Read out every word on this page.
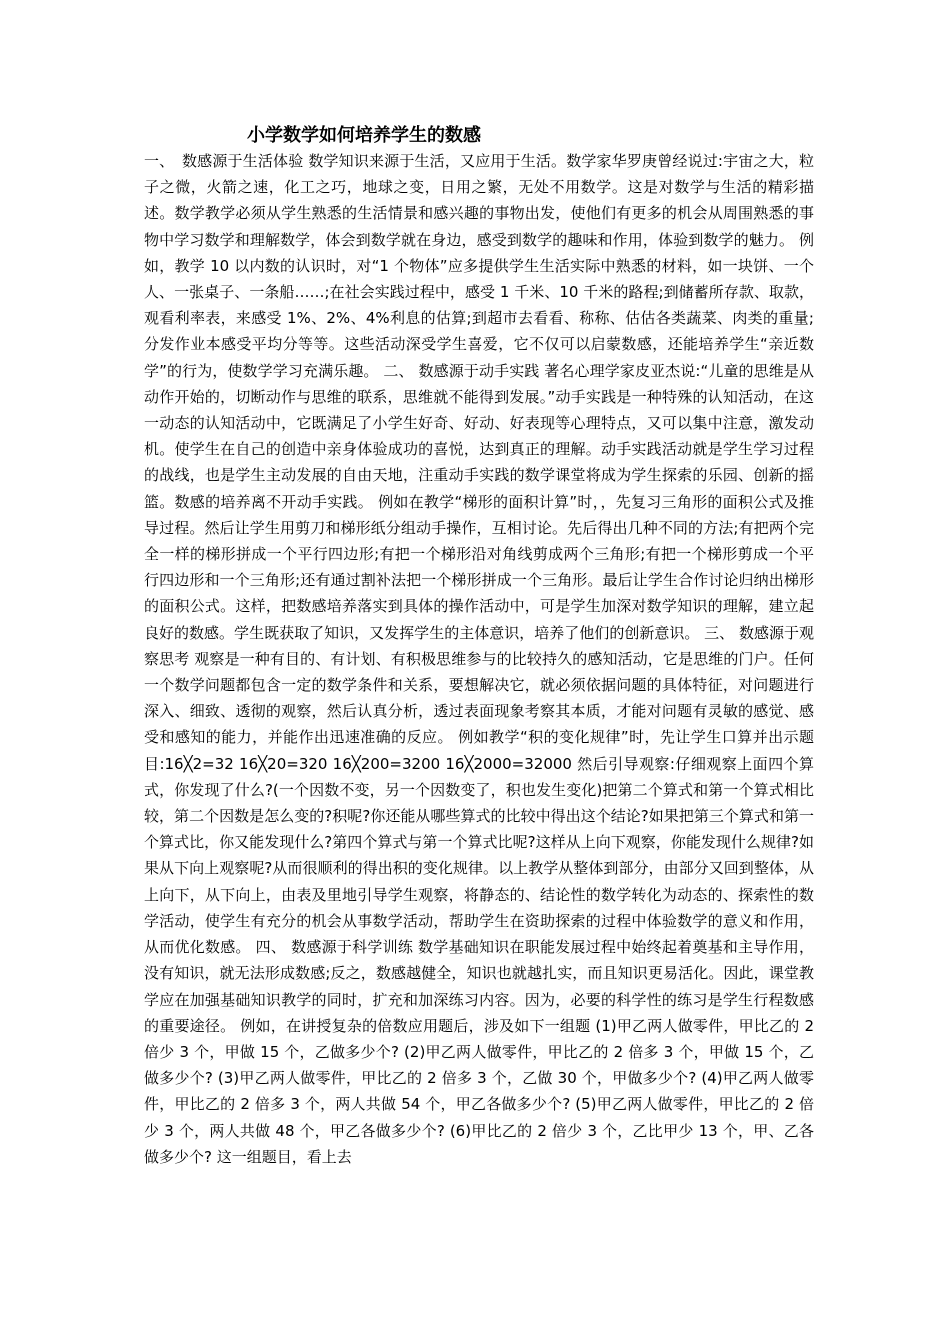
小学数学如何培养学生的数感
一、　数感源于生活体验 数学知识来源于生活，又应用于生活。数学家华罗庚曾经说过:宇宙之大，粒子之微，火箭之速，化工之巧，地球之变，日用之繁，无处不用数学。这是对数学与生活的精彩描述。数学教学必须从学生熟悉的生活情景和感兴趣的事物出发，使他们有更多的机会从周围熟悉的事物中学习数学和理解数学，体会到数学就在身边，感受到数学的趣味和作用，体验到数学的魅力。 例如，教学 10 以内数的认识时，对“1 个物体”应多提供学生生活实际中熟悉的材料，如一块饼、一个人、一张桌子、一条船……;在社会实践过程中，感受 1 千米、10 千米的路程;到储蓄所存款、取款，观看利率表，来感受 1%、2%、4%利息的估算;到超市去看看、称称、估估各类蔬菜、肉类的重量;分发作业本感受平均分等等。这些活动深受学生喜爱，它不仅可以启蒙数感，还能培养学生“亲近数学”的行为，使数学学习充满乐趣。 二、 数感源于动手实践 著名心理学家皮亚杰说:“儿童的思维是从动作开始的，切断动作与思维的联系，思维就不能得到发展。”动手实践是一种特殊的认知活动，在这一动态的认知活动中，它既满足了小学生好奇、好动、好表现等心理特点，又可以集中注意，激发动机。使学生在自己的创造中亲身体验成功的喜悦，达到真正的理解。动手实践活动就是学生学习过程的战线，也是学生主动发展的自由天地，注重动手实践的数学课堂将成为学生探索的乐园、创新的摇篮。数感的培养离不开动手实践。 例如在教学“梯形的面积计算”时，，先复习三角形的面积公式及推导过程。然后让学生用剪刀和梯形纸分组动手操作，互相讨论。先后得出几种不同的方法;有把两个完全一样的梯形拼成一个平行四边形;有把一个梯形沿对角线剪成两个三角形;有把一个梯形剪成一个平行四边形和一个三角形;还有通过割补法把一个梯形拼成一个三角形。最后让学生合作讨论归纳出梯形的面积公式。这样，把数感培养落实到具体的操作活动中，可是学生加深对数学知识的理解，建立起良好的数感。学生既获取了知识，又发挥学生的主体意识，培养了他们的创新意识。 三、 数感源于观察思考 观察是一种有目的、有计划、有积极思维参与的比较持久的感知活动，它是思维的门户。任何一个数学问题都包含一定的数学条件和关系，要想解决它，就必须依据问题的具体特征，对问题进行深入、细致、透彻的观察，然后认真分析，透过表面现象考察其本质，才能对问题有灵敏的感觉、感受和感知的能力，并能作出迅速准确的反应。 例如教学“积的变化规律”时，先让学生口算并出示题目:16╳2=32 16╳20=320 16╳200=3200 16╳2000=32000 然后引导观察:仔细观察上面四个算式，你发现了什么?(一个因数不变，另一个因数变了，积也发生变化)把第二个算式和第一个算式相比较，第二个因数是怎么变的?积呢?你还能从哪些算式的比较中得出这个结论?如果把第三个算式和第一个算式比，你又能发现什么?第四个算式与第一个算式比呢?这样从上向下观察，你能发现什么规律?如果从下向上观察呢?从而很顺利的得出积的变化规律。以上教学从整体到部分，由部分又回到整体，从上向下，从下向上，由表及里地引导学生观察，将静态的、结论性的数学转化为动态的、探索性的数学活动，使学生有充分的机会从事数学活动，帮助学生在资助探索的过程中体验数学的意义和作用，从而优化数感。 四、 数感源于科学训练 数学基础知识在职能发展过程中始终起着奠基和主导作用，没有知识，就无法形成数感;反之，数感越健全，知识也就越扎实，而且知识更易活化。因此，课堂教学应在加强基础知识教学的同时，扩充和加深练习内容。因为，必要的科学性的练习是学生行程数感的重要途径。 例如，在讲授复杂的倍数应用题后，涉及如下一组题 (1)甲乙两人做零件，甲比乙的 2 倍少 3 个，甲做 15 个，乙做多少个? (2)甲乙两人做零件，甲比乙的 2 倍多 3 个，甲做 15 个，乙做多少个? (3)甲乙两人做零件，甲比乙的 2 倍多 3 个，乙做 30 个，甲做多少个? (4)甲乙两人做零件，甲比乙的 2 倍多 3 个，两人共做 54 个，甲乙各做多少个? (5)甲乙两人做零件，甲比乙的 2 倍少 3 个，两人共做 48 个，甲乙各做多少个? (6)甲比乙的 2 倍少 3 个，乙比甲少 13 个，甲、乙各做多少个? 这一组题目，看上去
